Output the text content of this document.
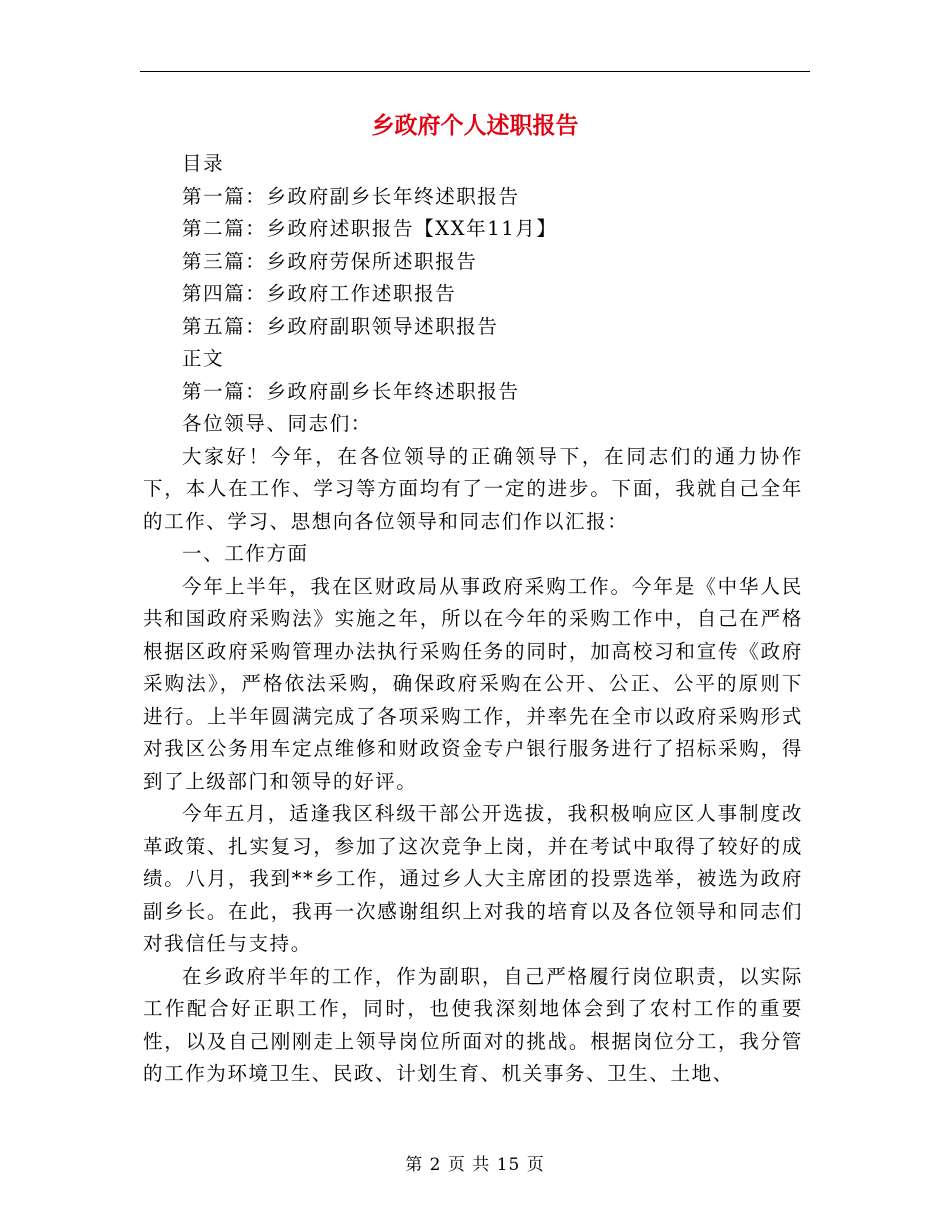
乡政府个人述职报告

目录

第一篇：乡政府副乡长年终述职报告

第二篇：乡政府述职报告【XX年11月】

第三篇：乡政府劳保所述职报告

第四篇：乡政府工作述职报告

第五篇：乡政府副职领导述职报告

正文

第一篇：乡政府副乡长年终述职报告

各位领导、同志们：

大家好！今年，在各位领导的正确领导下，在同志们的通力协作下，本人在工作、学习等方面均有了一定的进步。下面，我就自己全年的工作、学习、思想向各位领导和同志们作以汇报：

一、工作方面

今年上半年，我在区财政局从事政府采购工作。今年是《中华人民共和国政府采购法》实施之年，所以在今年的采购工作中，自己在严格根据区政府采购管理办法执行采购任务的同时，加高校习和宣传《政府采购法》，严格依法采购，确保政府采购在公开、公正、公平的原则下进行。上半年圆满完成了各项采购工作，并率先在全市以政府采购形式对我区公务用车定点维修和财政资金专户银行服务进行了招标采购，得到了上级部门和领导的好评。

今年五月，适逢我区科级干部公开选拔，我积极响应区人事制度改革政策、扎实复习，参加了这次竞争上岗，并在考试中取得了较好的成绩。八月，我到**乡工作，通过乡人大主席团的投票选举，被选为政府副乡长。在此，我再一次感谢组织上对我的培育以及各位领导和同志们对我信任与支持。

在乡政府半年的工作，作为副职，自己严格履行岗位职责，以实际工作配合好正职工作，同时，也使我深刻地体会到了农村工作的重要性，以及自己刚刚走上领导岗位所面对的挑战。根据岗位分工，我分管的工作为环境卫生、民政、计划生育、机关事务、卫生、土地、

第 2 页 共 15 页
